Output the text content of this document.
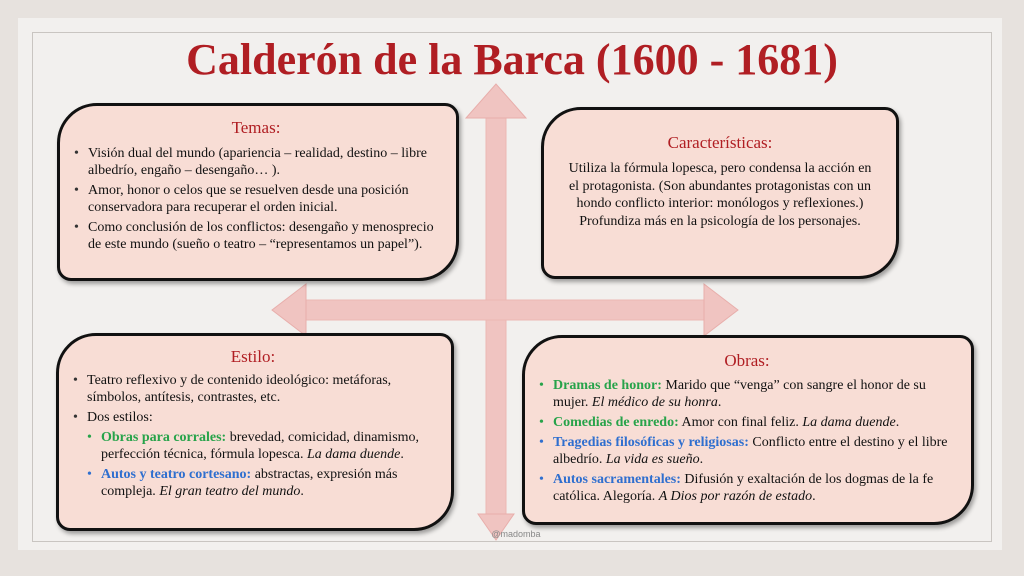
Calderón de la Barca (1600 - 1681)
Temas:
• Visión dual del mundo (apariencia – realidad, destino – libre albedrío, engaño – desengaño… ).
• Amor, honor o celos que se resuelven desde una posición conservadora para recuperar el orden inicial.
• Como conclusión de los conflictos: desengaño y menosprecio de este mundo (sueño o teatro – “representamos un papel”).
Características:
Utiliza la fórmula lopesca, pero condensa la acción en el protagonista. (Son abundantes protagonistas con un hondo conflicto interior: monólogos y reflexiones.) Profundiza más en la psicología de los personajes.
Estilo:
• Teatro reflexivo y de contenido ideológico: metáforas, símbolos, antítesis, contrastes, etc.
• Dos estilos:
• Obras para corrales: brevedad, comicidad, dinamismo, perfección técnica, fórmula lopesca. La dama duende.
• Autos y teatro cortesano: abstractas, expresión más compleja. El gran teatro del mundo.
Obras:
• Dramas de honor: Marido que “venga” con sangre el honor de su mujer. El médico de su honra.
• Comedias de enredo: Amor con final feliz. La dama duende.
• Tragedias filosóficas y religiosas: Conflicto entre el destino y el libre albedrío. La vida es sueño.
• Autos sacramentales: Difusión y exaltación de los dogmas de la fe católica. Alegoría. A Dios por razón de estado.
@madomba
